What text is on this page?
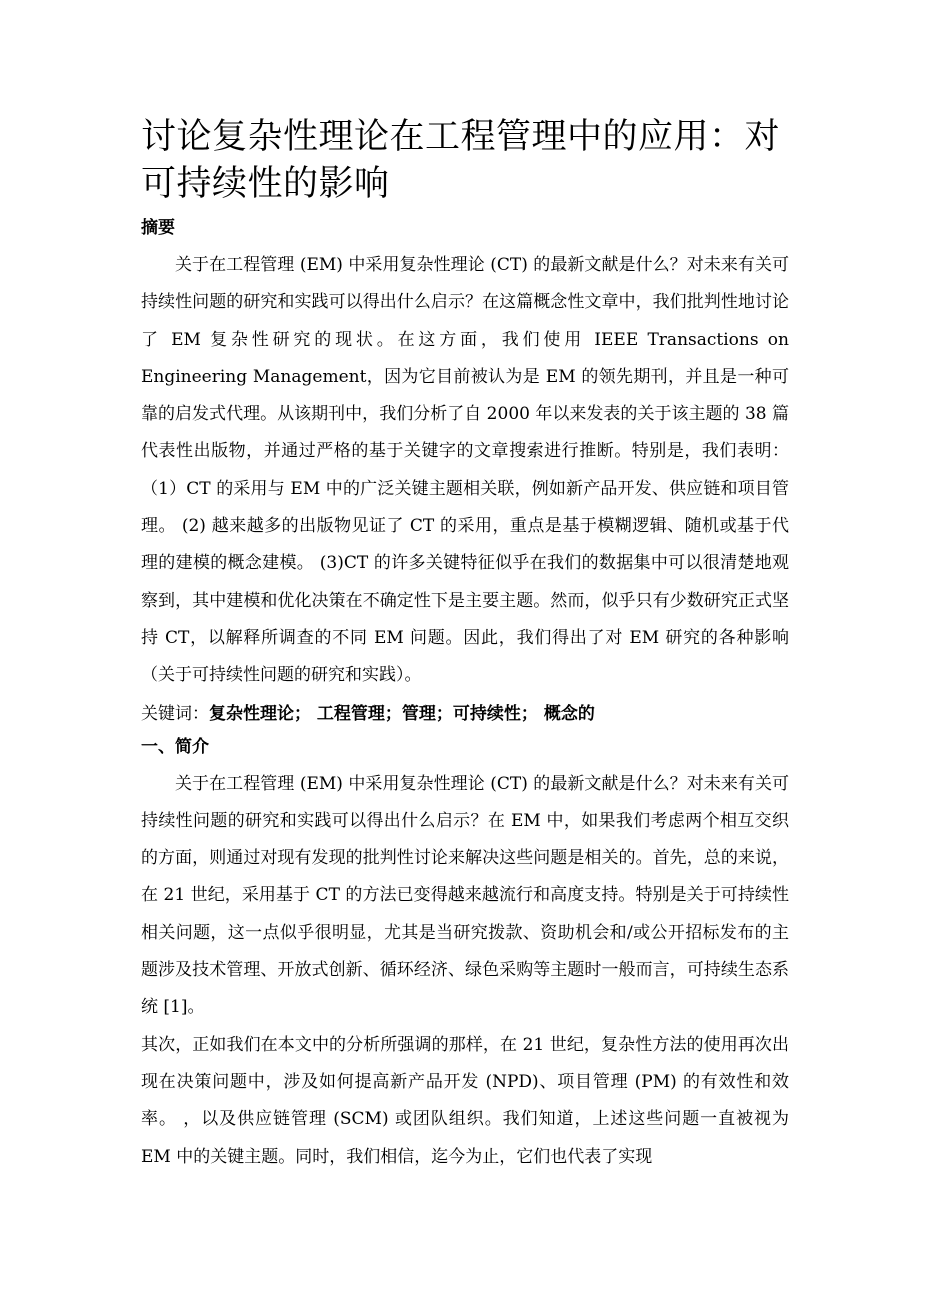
讨论复杂性理论在工程管理中的应用：对可持续性的影响
摘要

关于在工程管理 (EM) 中采用复杂性理论 (CT) 的最新文献是什么？对未来有关可持续性问题的研究和实践可以得出什么启示？在这篇概念性文章中，我们批判性地讨论了 EM 复杂性研究的现状。在这方面，我们使用 IEEE Transactions on Engineering Management，因为它目前被认为是 EM 的领先期刊，并且是一种可靠的启发式代理。从该期刊中，我们分析了自 2000 年以来发表的关于该主题的 38 篇代表性出版物，并通过严格的基于关键字的文章搜索进行推断。特别是，我们表明：（1）CT 的采用与 EM 中的广泛关键主题相关联，例如新产品开发、供应链和项目管理。 (2) 越来越多的出版物见证了 CT 的采用，重点是基于模糊逻辑、随机或基于代理的建模的概念建模。 (3)CT 的许多关键特征似乎在我们的数据集中可以很清楚地观察到，其中建模和优化决策在不确定性下是主要主题。然而，似乎只有少数研究正式坚持 CT，以解释所调查的不同 EM 问题。因此，我们得出了对 EM 研究的各种影响（关于可持续性问题的研究和实践）。

关键词：复杂性理论； 工程管理；管理；可持续性； 概念的
一、简介

关于在工程管理 (EM) 中采用复杂性理论 (CT) 的最新文献是什么？对未来有关可持续性问题的研究和实践可以得出什么启示？在 EM 中，如果我们考虑两个相互交织的方面，则通过对现有发现的批判性讨论来解决这些问题是相关的。首先，总的来说，在 21 世纪，采用基于 CT 的方法已变得越来越流行和高度支持。特别是关于可持续性相关问题，这一点似乎很明显，尤其是当研究拨款、资助机会和/或公开招标发布的主题涉及技术管理、开放式创新、循环经济、绿色采购等主题时一般而言，可持续生态系统 [1]。

其次，正如我们在本文中的分析所强调的那样，在 21 世纪，复杂性方法的使用再次出现在决策问题中，涉及如何提高新产品开发 (NPD)、项目管理 (PM) 的有效性和效率。 ，以及供应链管理 (SCM) 或团队组织。我们知道，上述这些问题一直被视为 EM 中的关键主题。同时，我们相信，迄今为止，它们也代表了实现
